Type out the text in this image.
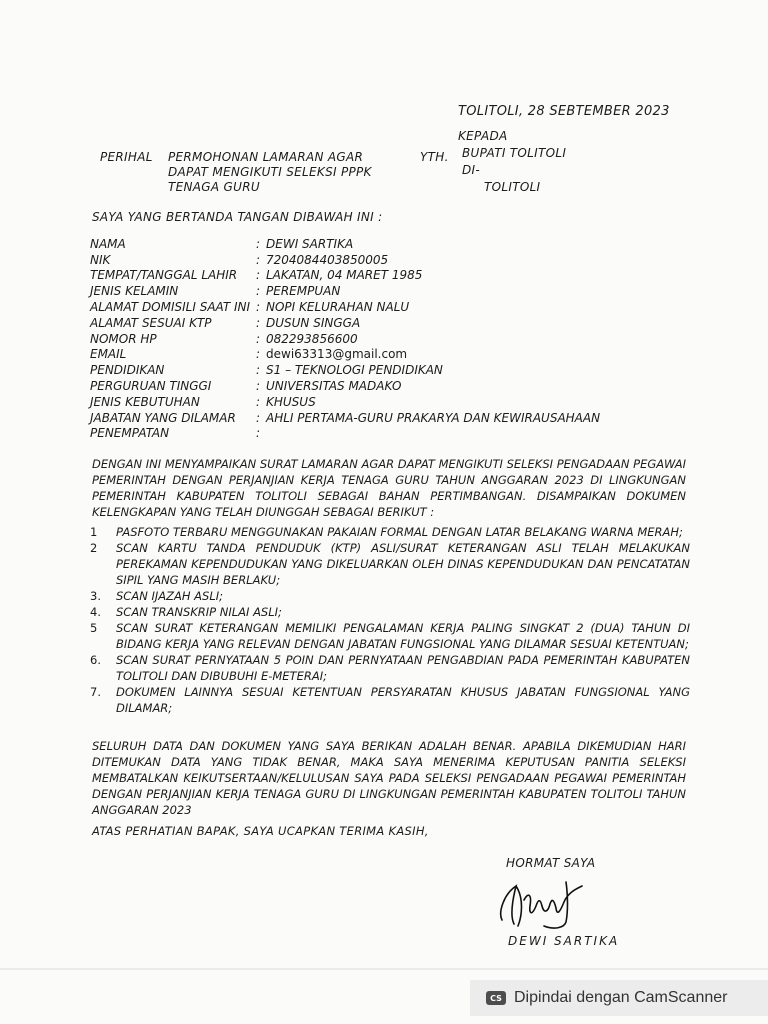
TOLITOLI, 28 SEBTEMBER 2023
KEPADA
BUPATI TOLITOLI
DI-
TOLITOLI
PERIHAL PERMOHONAN LAMARAN AGAR DAPAT MENGIKUTI SELEKSI PPPK TENAGA GURU
YTH.
SAYA YANG BERTANDA TANGAN DIBAWAH INI :
NAMA	: DEWI SARTIKA
NIK	: 7204084403850005
TEMPAT/TANGGAL LAHIR	: LAKATAN, 04 MARET 1985
JENIS KELAMIN	: PEREMPUAN
ALAMAT DOMISILI SAAT INI : NOPI KELURAHAN NALU
ALAMAT SESUAI KTP	: DUSUN SINGGA
NOMOR HP	: 082293856600
EMAIL	: dewi63313@gmail.com
PENDIDIKAN	: S1 – TEKNOLOGI PENDIDIKAN
PERGURUAN TINGGI	: UNIVERSITAS MADAKO
JENIS KEBUTUHAN	: KHUSUS
JABATAN YANG DILAMAR	: AHLI PERTAMA-GURU PRAKARYA DAN KEWIRAUSAHAAN
PENEMPATAN	:
DENGAN INI MENYAMPAIKAN SURAT LAMARAN AGAR DAPAT MENGIKUTI SELEKSI PENGADAAN PEGAWAI PEMERINTAH DENGAN PERJANJIAN KERJA TENAGA GURU TAHUN ANGGARAN 2023 DI LINGKUNGAN PEMERINTAH KABUPATEN TOLITOLI SEBAGAI BAHAN PERTIMBANGAN. DISAMPAIKAN DOKUMEN KELENGKAPAN YANG TELAH DIUNGGAH SEBAGAI BERIKUT :
1	PASFOTO TERBARU MENGGUNAKAN PAKAIAN FORMAL DENGAN LATAR BELAKANG WARNA MERAH;
2	SCAN KARTU TANDA PENDUDUK (KTP) ASLI/SURAT KETERANGAN ASLI TELAH MELAKUKAN PEREKAMAN KEPENDUDUKAN YANG DIKELUARKAN OLEH DINAS KEPENDUDUKAN DAN PENCATATAN SIPIL YANG MASIH BERLAKU;
3.	SCAN IJAZAH ASLI;
4.	SCAN TRANSKRIP NILAI ASLI;
5	SCAN SURAT KETERANGAN MEMILIKI PENGALAMAN KERJA PALING SINGKAT 2 (DUA) TAHUN DI BIDANG KERJA YANG RELEVAN DENGAN JABATAN FUNGSIONAL YANG DILAMAR SESUAI KETENTUAN;
6.	SCAN SURAT PERNYATAAN 5 POIN DAN PERNYATAAN PENGABDIAN PADA PEMERINTAH KABUPATEN TOLITOLI DAN DIBUBUHI E-METERAI;
7.	DOKUMEN LAINNYA SESUAI KETENTUAN PERSYARATAN KHUSUS JABATAN FUNGSIONAL YANG DILAMAR;
SELURUH DATA DAN DOKUMEN YANG SAYA BERIKAN ADALAH BENAR. APABILA DIKEMUDIAN HARI DITEMUKAN DATA YANG TIDAK BENAR, MAKA SAYA MENERIMA KEPUTUSAN PANITIA SELEKSI MEMBATALKAN KEIKUTSERTAAN/KELULUSAN SAYA PADA SELEKSI PENGADAAN PEGAWAI PEMERINTAH DENGAN PERJANJIAN KERJA TENAGA GURU DI LINGKUNGAN PEMERINTAH KABUPATEN TOLITOLI TAHUN ANGGARAN 2023
ATAS PERHATIAN BAPAK, SAYA UCAPKAN TERIMA KASIH,
HORMAT SAYA
DEWI SARTIKA
CS Dipindai dengan CamScanner
